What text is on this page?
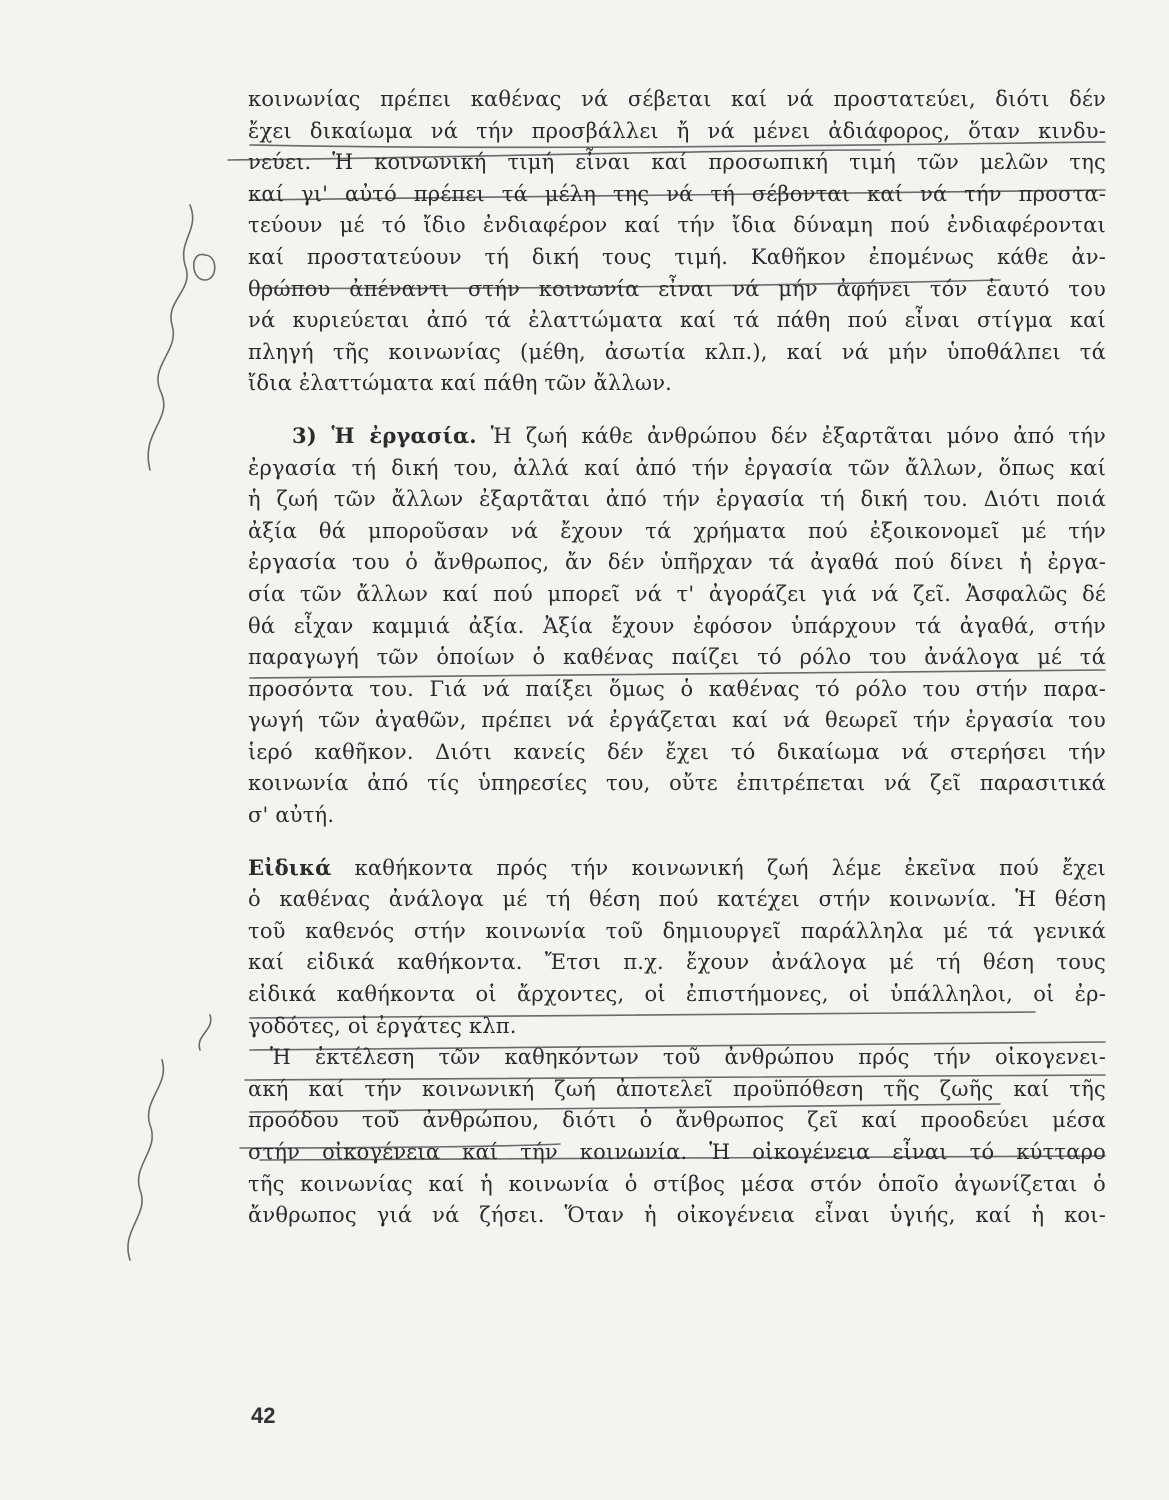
κοινωνίας πρέπει καθένας νά σέβεται καί νά προστατεύει, διότι δέν
ἔχει δικαίωμα νά τήν προσβάλλει ἤ νά μένει ἀδιάφορος, ὅταν κινδυ-
νεύει. Ἡ κοινωνική τιμή εἶναι καί προσωπική τιμή τῶν μελῶν της
καί γι' αὐτό πρέπει τά μέλη της νά τή σέβονται καί νά τήν προστα-
τεύουν μέ τό ἴδιο ἐνδιαφέρον καί τήν ἴδια δύναμη πού ἐνδιαφέρονται
καί προστατεύουν τή δική τους τιμή. Καθῆκον ἐπομένως κάθε ἀν-
θρώπου ἀπέναντι στήν κοινωνία εἶναι νά μήν ἀφήνει τόν ἑαυτό του
νά κυριεύεται ἀπό τά ἐλαττώματα καί τά πάθη πού εἶναι στίγμα καί
πληγή τῆς κοινωνίας (μέθη, ἀσωτία κλπ.), καί νά μήν ὑποθάλπει τά
ἴδια ἐλαττώματα καί πάθη τῶν ἄλλων.
3) Ἡ ἐργασία. Ἡ ζωή κάθε ἀνθρώπου δέν ἐξαρτᾶται μόνο ἀπό τήν
ἐργασία τή δική του, ἀλλά καί ἀπό τήν ἐργασία τῶν ἄλλων, ὅπως καί
ἡ ζωή τῶν ἄλλων ἐξαρτᾶται ἀπό τήν ἐργασία τή δική του. Διότι ποιά
ἀξία θά μποροῦσαν νά ἔχουν τά χρήματα πού ἐξοικονομεῖ μέ τήν
ἐργασία του ὁ ἄνθρωπος, ἄν δέν ὑπῆρχαν τά ἀγαθά πού δίνει ἡ ἐργα-
σία τῶν ἄλλων καί πού μπορεῖ νά τ' ἀγοράζει γιά νά ζεῖ. Ἀσφαλῶς δέ
θά εἶχαν καμμιά ἀξία. Ἀξία ἔχουν ἐφόσον ὑπάρχουν τά ἀγαθά, στήν
παραγωγή τῶν ὁποίων ὁ καθένας παίζει τό ρόλο του ἀνάλογα μέ τά
προσόντα του. Γιά νά παίξει ὅμως ὁ καθένας τό ρόλο του στήν παρα-
γωγή τῶν ἀγαθῶν, πρέπει νά ἐργάζεται καί νά θεωρεῖ τήν ἐργασία του
ἱερό καθῆκον. Διότι κανείς δέν ἔχει τό δικαίωμα νά στερήσει τήν
κοινωνία ἀπό τίς ὑπηρεσίες του, οὔτε ἐπιτρέπεται νά ζεῖ παρασιτικά
σ' αὐτή.
Εἰδικά καθήκοντα πρός τήν κοινωνική ζωή λέμε ἐκεῖνα πού ἔχει
ὁ καθένας ἀνάλογα μέ τή θέση πού κατέχει στήν κοινωνία. Ἡ θέση
τοῦ καθενός στήν κοινωνία τοῦ δημιουργεῖ παράλληλα μέ τά γενικά
καί εἰδικά καθήκοντα. Ἔτσι π.χ. ἔχουν ἀνάλογα μέ τή θέση τους
εἰδικά καθήκοντα οἱ ἄρχοντες, οἱ ἐπιστήμονες, οἱ ὑπάλληλοι, οἱ ἐρ-
γοδότες, οἱ ἐργάτες κλπ.
Ἡ ἐκτέλεση τῶν καθηκόντων τοῦ ἀνθρώπου πρός τήν οἰκογενει-
ακή καί τήν κοινωνική ζωή ἀποτελεῖ προϋπόθεση τῆς ζωῆς καί τῆς
προόδου τοῦ ἀνθρώπου, διότι ὁ ἄνθρωπος ζεῖ καί προοδεύει μέσα
στήν οἰκογένεια καί τήν κοινωνία. Ἡ οἰκογένεια εἶναι τό κύτταρο
τῆς κοινωνίας καί ἡ κοινωνία ὁ στίβος μέσα στόν ὁποῖο ἀγωνίζεται ὁ
ἄνθρωπος γιά νά ζήσει. Ὅταν ἡ οἰκογένεια εἶναι ὑγιής, καί ἡ κοι-
42
